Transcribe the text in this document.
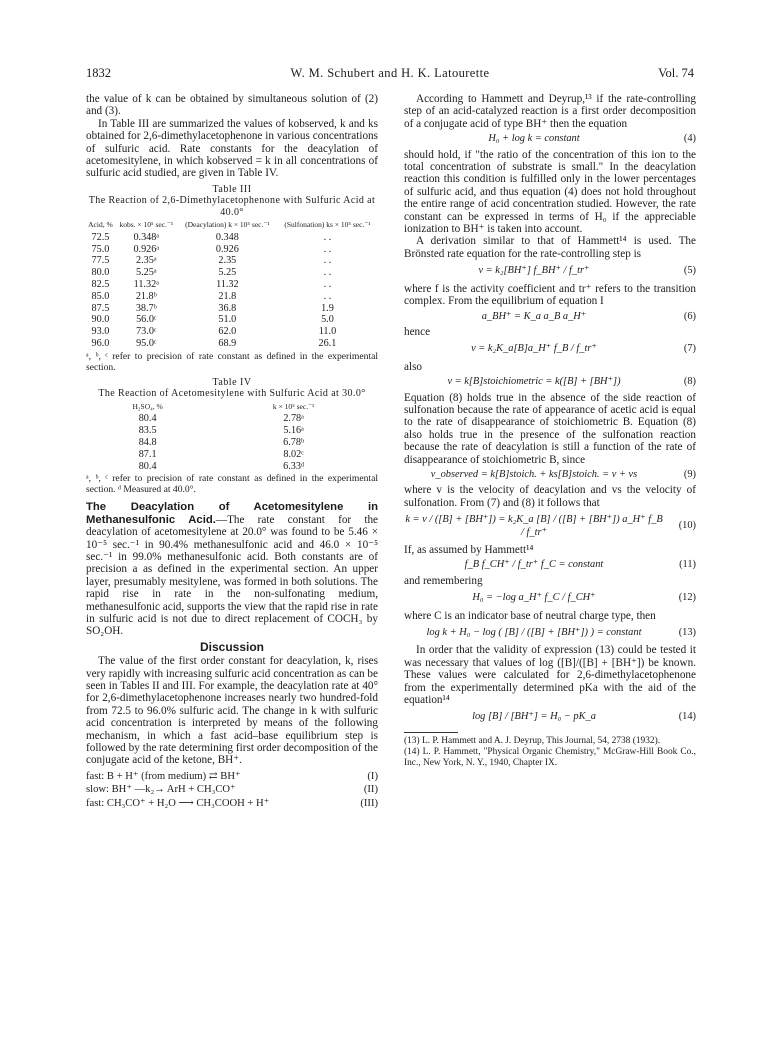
1832	W. M. Schubert and H. K. Latourette	Vol. 74

the value of k can be obtained by simultaneous solution of (2) and (3).

In Table III are summarized the values of kobserved, k and ks obtained for 2,6-dimethylacetophenone in various concentrations of sulfuric acid. Rate constants for the deacylation of acetomesitylene, in which kobserved = k in all concentrations of sulfuric acid studied, are given in Table IV.

Table III
The Reaction of 2,6-Dimethylacetophenone with Sulfuric Acid at 40.0°
Acid, %	kobs. × 10⁵ sec.⁻¹	(Deacylation) k × 10⁵ sec.⁻¹	(Sulfonation) ks × 10⁵ sec.⁻¹
72.5	0.348ᵃ	0.348	. .
75.0	0.926ᵃ	0.926	. .
77.5	2.35ᵃ	2.35	. .
80.0	5.25ᵃ	5.25	. .
82.5	11.32ᵃ	11.32	. .
85.0	21.8ᵇ	21.8	. .
87.5	38.7ᵇ	36.8	1.9
90.0	56.0ᶜ	51.0	5.0
93.0	73.0ᶜ	62.0	11.0
96.0	95.0ᶜ	68.9	26.1
ᵃ, ᵇ, ᶜ refer to precision of rate constant as defined in the experimental section.
Table IV
The Reaction of Acetomesitylene with Sulfuric Acid at 30.0°
H₂SO₄, %	k × 10⁵ sec.⁻¹
80.4	2.78ᵃ
83.5	5.16ᵃ
84.8	6.78ᵇ
87.1	8.02ᶜ
80.4	6.33ᵈ
ᵃ, ᵇ, ᶜ refer to precision of rate constant as defined in the experimental section. ᵈ Measured at 40.0°.

The Deacylation of Acetomesitylene in Methanesulfonic Acid.—The rate constant for the deacylation of acetomesitylene at 20.0° was found to be 5.46 × 10⁻⁵ sec.⁻¹ in 90.4% methanesulfonic acid and 46.0 × 10⁻⁵ sec.⁻¹ in 99.0% methanesulfonic acid. Both constants are of precision a as defined in the experimental section. An upper layer, presumably mesitylene, was formed in both solutions. The rapid rise in rate in the non-sulfonating medium, methanesulfonic acid, supports the view that the rapid rise in rate in sulfuric acid is not due to direct replacement of COCH₃ by SO₂OH.

Discussion

The value of the first order constant for deacylation, k, rises very rapidly with increasing sulfuric acid concentration as can be seen in Tables II and III. For example, the deacylation rate at 40° for 2,6-dimethylacetophenone increases nearly two hundred-fold from 72.5 to 96.0% sulfuric acid. The change in k with sulfuric acid concentration is interpreted by means of the following mechanism, in which a fast acid–base equilibrium step is followed by the rate determining first order decomposition of the conjugate acid of the ketone, BH⁺.

fast: B + H⁺ (from medium) ⇄ BH⁺	(I)
slow: BH⁺ —k₂→ ArH + CH₃CO⁺	(II)
fast: CH₃CO⁺ + H₂O ⟶ CH₃COOH + H⁺	(III)

According to Hammett and Deyrup,¹³ if the rate-controlling step of an acid-catalyzed reaction is a first order decomposition of a conjugate acid of type BH⁺ then the equation

H₀ + log k = constant	(4)

should hold, if "the ratio of the concentration of this ion to the total concentration of substrate is small." In the deacylation reaction this condition is fulfilled only in the lower percentages of sulfuric acid, and thus equation (4) does not hold throughout the entire range of acid concentration studied. However, the rate constant can be expressed in terms of H₀ if the appreciable ionization to BH⁺ is taken into account.

A derivation similar to that of Hammett¹⁴ is used. The Brönsted rate equation for the rate-controlling step is

v = k₂[BH⁺] f_BH⁺ / f_tr⁺	(5)

where f is the activity coefficient and tr⁺ refers to the transition complex. From the equilibrium of equation I

a_BH⁺ = K_a a_B a_H⁺	(6)

hence

v = k₂K_a[B]a_H⁺ f_B / f_tr⁺	(7)

also

v = k[B]stoichiometric = k([B] + [BH⁺])	(8)

Equation (8) holds true in the absence of the side reaction of sulfonation because the rate of appearance of acetic acid is equal to the rate of disappearance of stoichiometric B. Equation (8) also holds true in the presence of the sulfonation reaction because the rate of deacylation is still a function of the rate of disappearance of stoichiometric B, since

v_observed = k[B]stoich. + ks[B]stoich. = v + vs	(9)

where v is the velocity of deacylation and vs the velocity of sulfonation. From (7) and (8) it follows that

k = v / ([B] + [BH⁺]) = k₂K_a [B] / ([B] + [BH⁺]) a_H⁺ f_B / f_tr⁺
(10)

If, as assumed by Hammett¹⁴

f_B f_CH⁺ / f_tr⁺ f_C = constant	(11)

and remembering

H₀ = −log a_H⁺ f_C / f_CH⁺	(12)

where C is an indicator base of neutral charge type, then

log k + H₀ − log ( [B] / ([B] + [BH⁺]) ) = constant	(13)

In order that the validity of expression (13) could be tested it was necessary that values of log ([B]/([B] + [BH⁺]) be known. These values were calculated for 2,6-dimethylacetophenone from the experimentally determined pKa with the aid of the equation¹⁴

log [B] / [BH⁺] = H₀ − pK_a	(14)
(13) L. P. Hammett and A. J. Deyrup, This Journal, 54, 2738 (1932).
(14) L. P. Hammett, "Physical Organic Chemistry," McGraw-Hill Book Co., Inc., New York, N. Y., 1940, Chapter IX.
